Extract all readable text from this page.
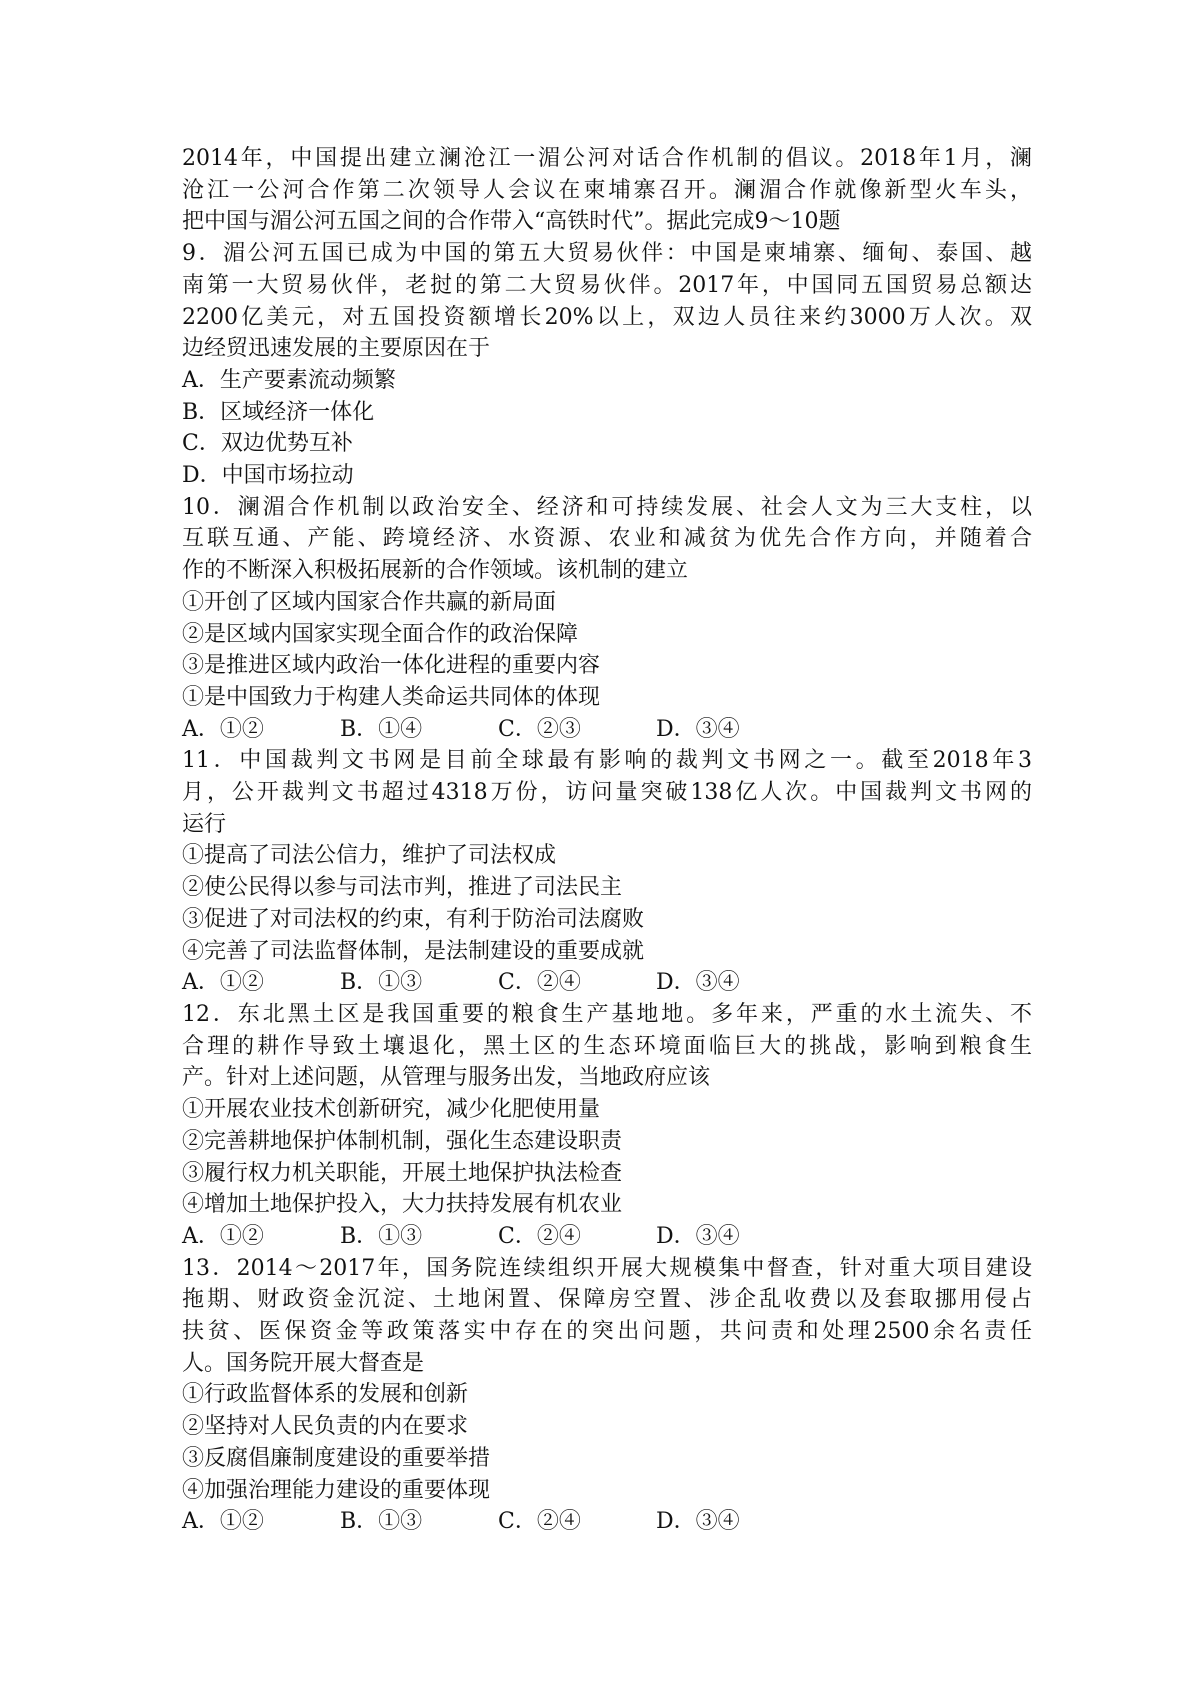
2014年，中国提出建立澜沧江一湄公河对话合作机制的倡议。2018年1月，澜
沧江一公河合作第二次领导人会议在柬埔寨召开。澜湄合作就像新型火车头，
把中国与湄公河五国之间的合作带入“高铁时代”。据此完成9～10题
9．湄公河五国已成为中国的第五大贸易伙伴：中国是柬埔寨、缅甸、泰国、越
南第一大贸易伙伴，老挝的第二大贸易伙伴。2017年，中国同五国贸易总额达
2200亿美元，对五国投资额增长20%以上，双边人员往来约3000万人次。双
边经贸迅速发展的主要原因在于
A．生产要素流动频繁
B．区域经济一体化
C．双边优势互补
D．中国市场拉动
10．澜湄合作机制以政治安全、经济和可持续发展、社会人文为三大支柱，以
互联互通、产能、跨境经济、水资源、农业和减贫为优先合作方向，并随着合
作的不断深入积极拓展新的合作领域。该机制的建立
①开创了区域内国家合作共赢的新局面
②是区域内国家实现全面合作的政治保障
③是推进区域内政治一体化进程的重要内容
①是中国致力于构建人类命运共同体的体现
A．①②	B．①④	C．②③	D．③④
11．中国裁判文书网是目前全球最有影响的裁判文书网之一。截至2018年3
月，公开裁判文书超过4318万份，访问量突破138亿人次。中国裁判文书网的
运行
①提高了司法公信力，维护了司法权成
②使公民得以参与司法市判，推进了司法民主
③促进了对司法权的约束，有利于防治司法腐败
④完善了司法监督体制，是法制建设的重要成就
A．①②	B．①③	C．②④	D．③④
12．东北黑土区是我国重要的粮食生产基地地。多年来，严重的水土流失、不
合理的耕作导致土壤退化，黑土区的生态环境面临巨大的挑战，影响到粮食生
产。针对上述问题，从管理与服务出发，当地政府应该
①开展农业技术创新研究，减少化肥使用量
②完善耕地保护体制机制，强化生态建设职责
③履行权力机关职能，开展土地保护执法检查
④增加土地保护投入，大力扶持发展有机农业
A．①②	B．①③	C．②④	D．③④
13．2014～2017年，国务院连续组织开展大规模集中督查，针对重大项目建设
拖期、财政资金沉淀、土地闲置、保障房空置、涉企乱收费以及套取挪用侵占
扶贫、医保资金等政策落实中存在的突出问题，共问责和处理2500余名责任
人。国务院开展大督查是
①行政监督体系的发展和创新
②坚持对人民负责的内在要求
③反腐倡廉制度建设的重要举措
④加强治理能力建设的重要体现
A．①②	B．①③	C．②④	D．③④
